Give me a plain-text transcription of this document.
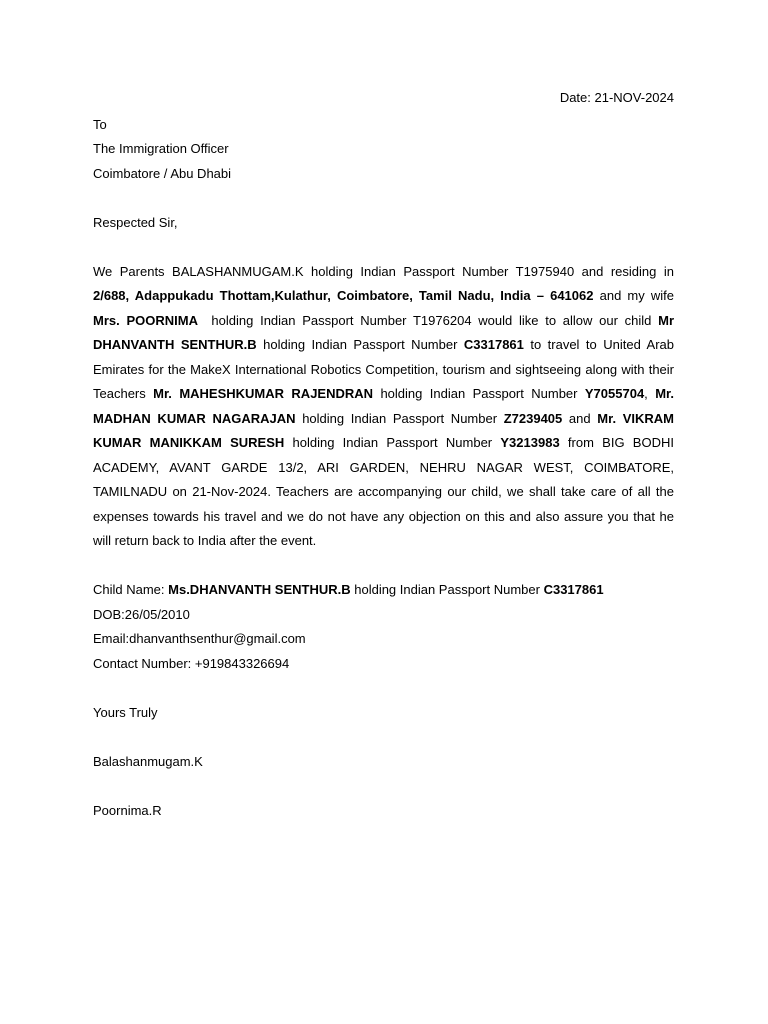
Date: 21-NOV-2024
To
The Immigration Officer
Coimbatore / Abu Dhabi
Respected Sir,
We Parents BALASHANMUGAM.K holding Indian Passport Number T1975940 and residing in 2/688, Adappukadu Thottam,Kulathur, Coimbatore, Tamil Nadu, India – 641062 and my wife Mrs. POORNIMA  holding Indian Passport Number T1976204 would like to allow our child Mr DHANVANTH SENTHUR.B holding Indian Passport Number C3317861 to travel to United Arab Emirates for the MakeX International Robotics Competition, tourism and sightseeing along with their Teachers Mr. MAHESHKUMAR RAJENDRAN holding Indian Passport Number Y7055704, Mr. MADHAN KUMAR NAGARAJAN holding Indian Passport Number Z7239405 and Mr. VIKRAM KUMAR MANIKKAM SURESH holding Indian Passport Number Y3213983 from BIG BODHI ACADEMY, AVANT GARDE 13/2, ARI GARDEN, NEHRU NAGAR WEST, COIMBATORE, TAMILNADU on 21-Nov-2024. Teachers are accompanying our child, we shall take care of all the expenses towards his travel and we do not have any objection on this and also assure you that he will return back to India after the event.
Child Name: Ms.DHANVANTH SENTHUR.B holding Indian Passport Number C3317861
DOB:26/05/2010
Email:dhanvanthsenthur@gmail.com
Contact Number: +919843326694
Yours Truly
Balashanmugam.K
Poornima.R
